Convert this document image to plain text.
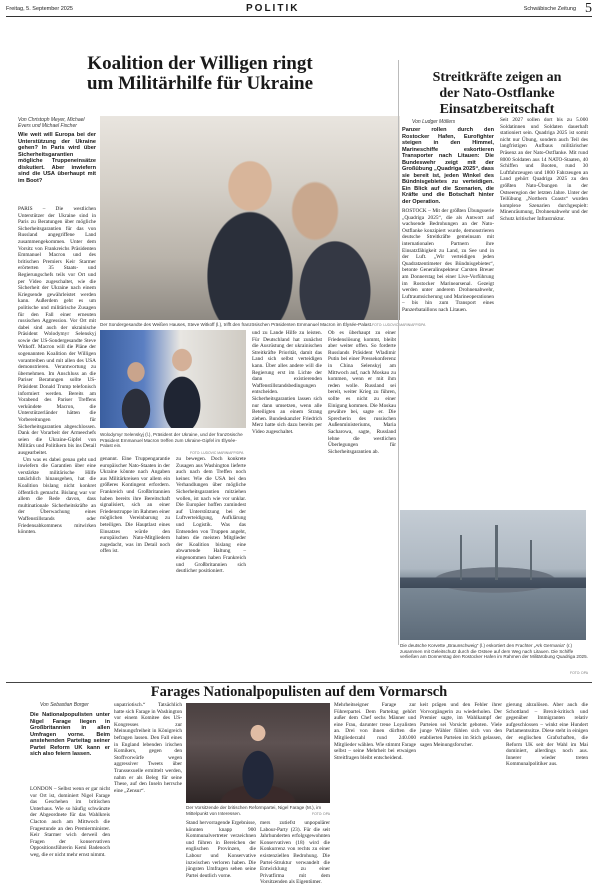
Freitag, 5. September 2025	POLITIK	Schwäbische Zeitung 5
Koalition der Willigen ringt
um Militärhilfe für Ukraine
Von Christoph Meyer, Michael
Evers und Michael Fischer
Wie weit will Europa bei der Unterstützung der Ukraine gehen? In Paris wird über Sicherheitsgarantien mögliche Truppeneinsätze diskutiert. Aber inwiefern sind die USA überhaupt mit im Boot?

PARIS – Die westlichen Unterstützer der Ukraine sind in Paris zu Beratungen über mögliche Sicherheitsgarantien für das von Russland angegriffene Land zusammengekommen. Unter dem Vorsitz von Frankreichs Präsidenten Emmanuel Macron und des britischen Premiers Keir Starmer erörterten 35 Staats- und Regierungschefs teils vor Ort und per Video zugeschaltet, wie die Sicherheit der Ukraine nach einem Kriegsende gewährleistet werden kann. Außerdem geht es um politische und militärische Zusagen für den Fall einer erneuten russischen Aggression. Vor Ort mit dabei sind auch der ukrainische Präsident Wolodymyr Selenskyj sowie der US-Sondergesandte Steve Witkoff. Macron will die Pläne der sogenannten Koalition der Willigen vorantreiben und mit allen des USA demonstrieren. Verantwortung zu übernehmen. Im Anschluss an die Pariser Beratungen sollte US-Präsident Donald Trump telefonisch informiert werden. Bereits am Vorabend des Pariser Treffens verkündete Macron, die Unterstützerländer hätten die Vorbereitungen für Sicherheitsgarantien abgeschlossen. Dank der Vorarbeit der Armeechefs seien die Ukraine-Gipfel von Militärs und Politikern bis ins Detail ausgearbeitet.

Um was es dabei genau geht und inwiefern die Garantien über eine verstärkte militärische Hilfe tatsächlich hinausgehen, hat die Koalition bislang nicht konkret öffentlich gemacht. Bislang war vor allem die Rede davon, dass multinationale Sicherheitskräfte an der Überwachung eines Waffenstillstands oder Friedensabkommens mitwirken könnten.

Der Sondergesandte des Weißen Hauses, Steve Witkoff (l.), trifft den französischen Präsidenten Emmanuel Macron im Élysée-Palast. FOTO: LUDOVIC MARIN/AFP/DPA
Wolodymyr Selenskyj (l.), Präsident der Ukraine, und der französische Präsident Emmanuel Macron treffen zum Ukraine-Gipfel im Élysée-Palast ein.
FOTO: LUDOVIC MARIN/AFP/DPA
genannt. Eine Truppengarantie europäischer Nato-Staaten in der Ukraine könnte nach Angaben aus Militärkreisen vor allem ein größeres Kontingent erfordern. Frankreich und Großbritannien haben bereits ihre Bereitschaft signalisiert, sich an einer Friedenstruppe im Rahmen einer möglichen Vereinbarung zu beteiligen. Die Hauptlast eines Einsatzes würde den europäischen Nato-Mitgliedern zugedacht, was im Detail noch offen ist.
zu bewegen. Doch konkrete Zusagen aus Washington lieferte auch nach dem Treffen noch keiner. Wie die USA bei den Verhandlungen über mögliche Sicherheitsgarantien mitziehen wollen, ist nach wie vor unklar. Die Europäer hoffen zumindest auf Unterstützung bei der Luftverteidigung, Aufklärung und Logistik. Was das Entsenden von Truppen angeht, halten die meisten Mitglieder der Koalition bislang eine abwartende Haltung – eingenommen haben Frankreich und Großbritannien sich deutlicher positioniert.
und zu Lande Hilfe zu leisten. Für Deutschland hat zunächst die Ausrüstung der ukrainischen Streitkräfte Priorität, damit das Land sich selbst verteidigen kann. Über alles andere will die Regierung erst im Lichte der dann existierenden Waffenstillstandsbedingungen entscheiden. Sicherheitsgarantien lassen sich nur dann umsetzen, wenn alle Beteiligten an einem Strang ziehen. Bundeskanzler Friedrich Merz hatte sich dazu bereits per Video zugeschaltet.
Ob es überhaupt zu einer Friedenslösung kommt, bleibt aber weiter offen. So forderte Russlands Präsident Wladimir Putin bei einer Pressekonferenz in China Selenskyj am Mittwoch auf, nach Moskau zu kommen, wenn er mit ihm reden wolle. Russland sei bereit, weiter Krieg zu führen, sollte es nicht zu einer Einigung kommen. Die Moskau gewähre bei, sagte er. Die Sprecherin des russischen Außenministeriums, Maria Sacharowa, sagte, Russland lehne die westlichen Überlegungen für Sicherheitsgarantien ab.
Streitkräfte zeigen an
der Nato-Ostflanke
Einsatzbereitschaft
Von Ludger Möllers
Panzer rollen durch den Rostocker Hafen, Eurofighter steigen in den Himmel, Marineschiffe eskortieren Transporter nach Litauen: Die Bundeswehr zeigt mit der Großübung „Quadriga 2025“, dass sie bereit ist, jeden Winkel des Bündnisgebietes zu verteidigen. Ein Blick auf die Szenarien, die Kräfte und die Botschaft hinter der Operation.
ROSTOCK – Mit der größten Übungsserie „Quadriga 2025“, die als Antwort auf wachsende Bedrohungen an der Nato-Ostflanke konzipiert wurde, demonstrieren deutsche Streitkräfte gemeinsam mit internationalen Partnern ihre Einsatzfähigkeit zu Land, zu See und in der Luft. „Wir verteidigen jeden Quadratzentimeter des Bündnisgebietes“, betonte Generalinspekteur Carsten Breuer am Donnerstag bei einer Live-Vorführung im Rostocker Marinearsenal. Gezeigt werden unter anderem Drohnenabwehr, Luftraumsicherung und Marineoperationen – bis hin zum Transport eines Panzerbataillons nach Litauen.
Seit 2027 sollen dort bis zu 5.000 Soldatinnen und Soldaten dauerhaft stationiert sein. Quadriga 2025 ist somit nicht nur Übung, sondern auch Teil des langfristigen Aufbaus militärischer Präsenz an der Nato-Ostflanke. Mit rund 8000 Soldaten aus 14 NATO-Staaten, 40 Schiffen und Booten, rund 30 Luftfahrzeugen und 1800 Fahrzeugen an Land gehört Quadriga 2025 zu den größten Nato-Übungen in der Ostseeregion der letzten Jahre. Unter der Teilübung „Northern Coasts“ wurden komplexe Szenarien durchgespielt: Minenräumung, Drohnenabwehr und der Schutz kritischer Infrastruktur.
Die deutsche Korvette „Braunschweig“ (l.) eskortiert den Frachter „Ark Germania“ (r.) zusammen mit Geleitschutz durch die Ostsee auf dem Weg nach Litauen. Die Schiffe verließen am Donnerstag den Rostocker Hafen im Rahmen der Militärübung Quadriga 2025.
FOTO: DPA
Farages Nationalpopulisten auf dem Vormarsch
Von Sebastian Borger
Die Nationalpopulisten unter Nigel Farage liegen in Großbritannien in allen Umfragen vorne. Beim anstehenden Parteitag seiner Partei Reform UK kann er sich also feiern lassen.
LONDON – Selbst wenn er gar nicht vor Ort ist, dominiert Nigel Farage das Geschehen im britischen Unterhaus. Wie so häufig schwänzte der Abgeordnete für das Wahlkreis Clacton auch am Mittwoch die Fragestunde an den Premierminister. Keir Starmer wich derweil den Fragen der konservativen Oppositionsführerin Kemi Badenoch weg, die er nicht mehr ernst nimmt.
unpatriotisch.“ Tatsächlich hatte sich Farage in Washington vor einem Komitee des US-Kongresses zur Meinungsfreiheit in Königreich befragen lassen. Den Fall eines in England lebenden irischen Komikers, gegen den Stoffvorwürfe wegen aggressiver Tweets über Transsexuelle ermittelt werden, nahm er als Beleg für seine These, auf den Inseln herrsche eine „Zensur“.
Der Vorsitzende der britischen Reformpartei, Nigel Farage (M.), im Mittelpunkt von Interessen.	FOTO: DPA
Stand hervorragende Ergebnisse, könnten knapp 900 Kommunalvertreter verzeichnen und führen in Bereichen der englischen Provinzen, die Labour und Konservative inzwischen verloren haben. Die jüngsten Umfragen sehen seine Partei deutlich vorne.
mers zutiefst unpopulärer Labour-Party (23). Für die seit Jahrhunderten erfolgsgewohnten Konservativen (18) wird die Konkurrenz von rechts zu einer existenziellen Bedrohung. Die Partei-Struktur verwandelt die Entwicklung zu einer Privatfirma mit dem Vorsitzenden als Eigentümer.
Mehrheitseigner Farage zur Führerpartei. Dem Parteitag gehört außer dem Chef sechs Männer und eine Frau, darunter treue Loyalisten an. Drei von ihnen dürften die Mitgliederzahl rund 240.000 Mitglieder wählen. Wie stimmt Farage selbst – seine Mehrheit bei etwaigen Streitfragen bleibt entscheidend.
keit prägen und den Fehler ihrer Vorvorgängerin zu wiederholen. Der Premier sagte, im Wahlkampf der Parteien sei Vorsicht geboten. Viele junge Wähler fühlen sich von den etablierten Parteien im Stich gelassen, sagen Meinungsforscher.
gierung abzulösen. Aber auch die Schottland – Brexit-kritisch und gegenüber Immigranten relativ aufgeschlossen – winkt eine Hundert Parlamentssitze. Diese steht in einigen der englischen Grafschaften, die Reform UK seit der Wahl im Mai dominiert, allerdings noch aus. Innerer wieder treten Kommunalpolitiker aus.
